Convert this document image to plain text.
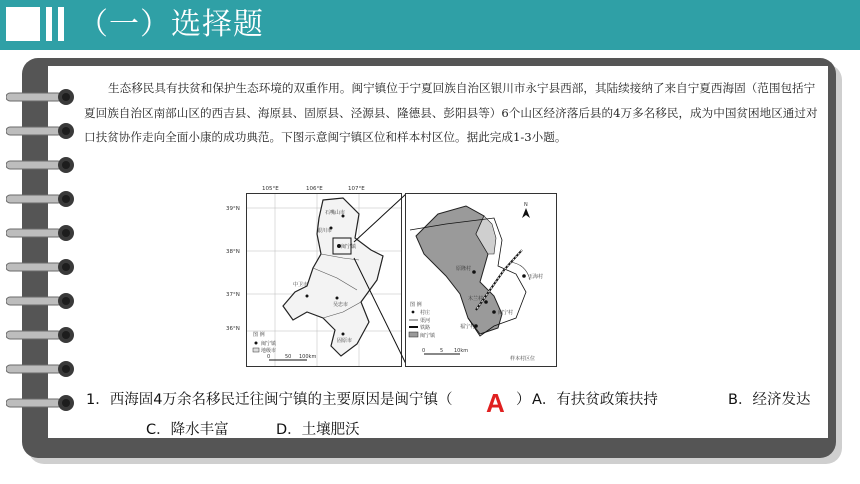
（一）选择题

生态移民具有扶贫和保护生态环境的双重作用。闽宁镇位于宁夏回族自治区银川市永宁县西部，其陆续接纳了来自宁夏西海固（范围包括宁夏回族自治区南部山区的西吉县、海原县、固原县、泾源县、隆德县、彭阳县等）6个山区经济落后县的4万多名移民，成为中国贫困地区通过对口扶贫协作走向全面小康的成功典范。下图示意闽宁镇区位和样本村区位。据此完成1-3小题。

图 例
闽宁镇
地级市
0	50 100km
石嘴山市
银川市
闽宁镇
中卫市
吴忠市
固原市
105°E	106°E	107°E
39°N
38°N
37°N
36°N
N
原隆村
玉海村
木兰村
闽宁村
福宁村
图 例
村庄
渠河
铁路
闽宁镇
0	5 10km
样本村区位
1．西海固4万余名移民迁往闽宁镇的主要原因是闽宁镇（	） A．有扶贫政策扶持	B．经济发达
A
C．降水丰富	D．土壤肥沃
